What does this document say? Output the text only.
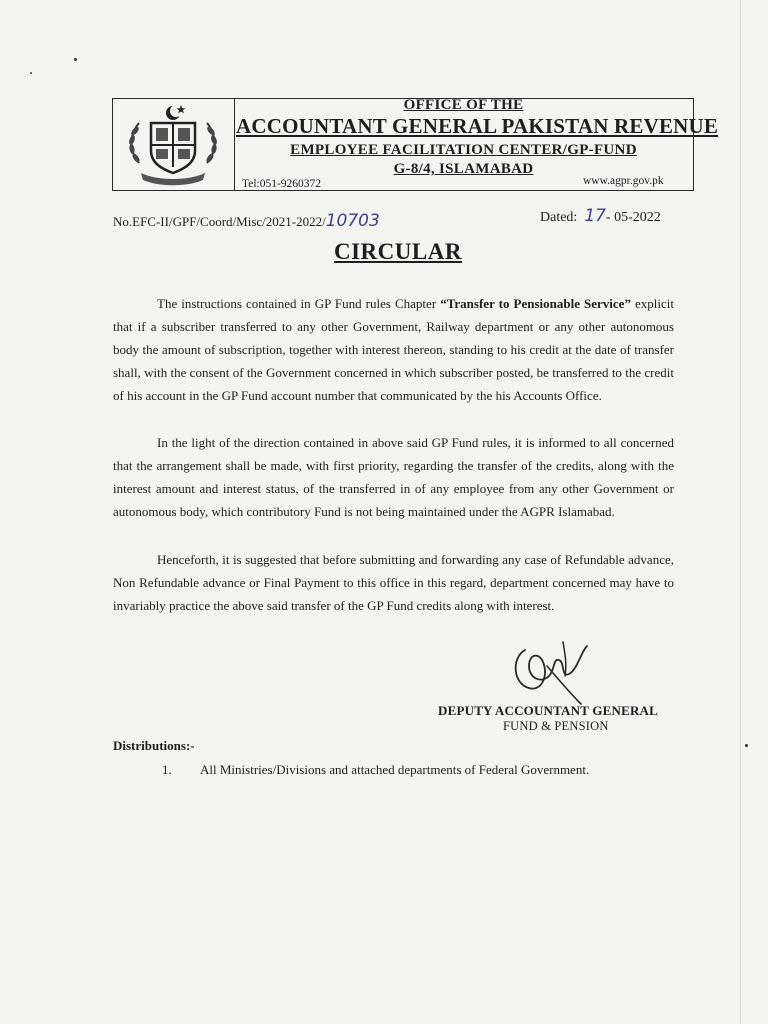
OFFICE OF THE
ACCOUNTANT GENERAL PAKISTAN REVENUE
EMPLOYEE FACILITATION CENTER/GP-FUND
G-8/4, ISLAMABAD
Tel:051-9260372	www.agpr.gov.pk
No.EFC-II/GPF/Coord/Misc/2021-2022/10703	Dated: 17- 05-2022
CIRCULAR

The instructions contained in GP Fund rules Chapter “Transfer to Pensionable Service” explicit that if a subscriber transferred to any other Government, Railway department or any other autonomous body the amount of subscription, together with interest thereon, standing to his credit at the date of transfer shall, with the consent of the Government concerned in which subscriber posted, be transferred to the credit of his account in the GP Fund account number that communicated by the his Accounts Office.

In the light of the direction contained in above said GP Fund rules, it is informed to all concerned that the arrangement shall be made, with first priority, regarding the transfer of the credits, along with the interest amount and interest status, of the transferred in of any employee from any other Government or autonomous body, which contributory Fund is not being maintained under the AGPR Islamabad.

Henceforth, it is suggested that before submitting and forwarding any case of Refundable advance, Non Refundable advance or Final Payment to this office in this regard, department concerned may have to invariably practice the above said transfer of the GP Fund credits along with interest.

DEPUTY ACCOUNTANT GENERAL
FUND & PENSION
Distributions:-
1. All Ministries/Divisions and attached departments of Federal Government.
